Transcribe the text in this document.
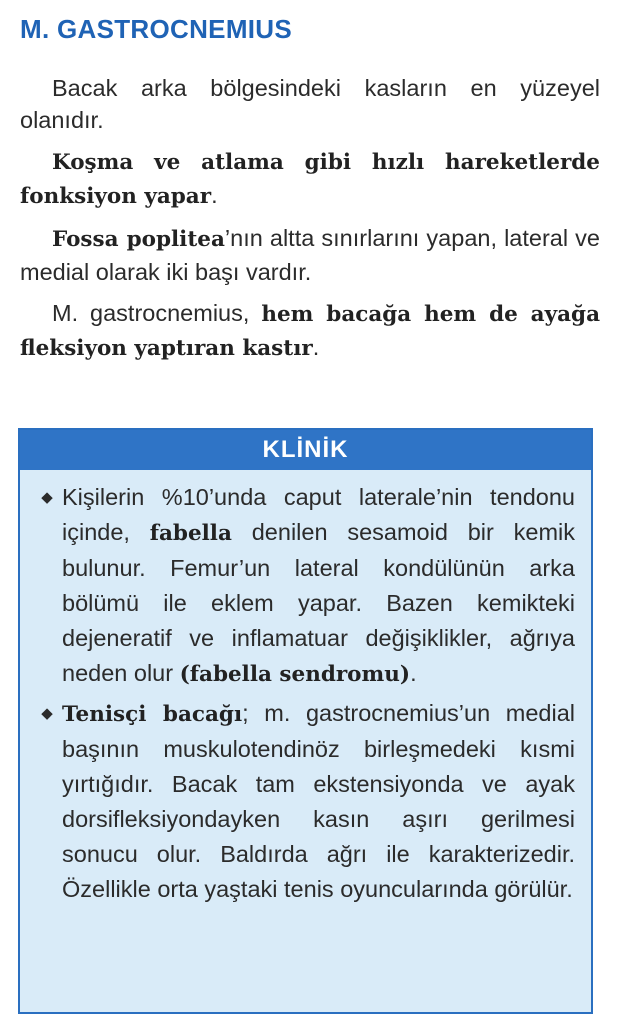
M. GASTROCNEMIUS

Bacak arka bölgesindeki kasların en yüzeyel olanıdır.

Koşma ve atlama gibi hızlı hareketlerde fonksiyon yapar.

Fossa poplitea’nın altta sınırlarını yapan, lateral ve medial olarak iki başı vardır.

M. gastrocnemius, hem bacağa hem de ayağa fleksiyon yaptıran kastır.

KLİNİK
◆ Kişilerin %10’unda caput laterale’nin tendonu içinde, fabella denilen sesamoid bir kemik bulunur. Femur’un lateral kondülünün arka bölümü ile eklem yapar. Bazen kemikteki dejeneratif ve inflamatuar değişiklikler, ağrıya neden olur (fabella sendromu).
◆ Tenisçi bacağı; m. gastrocnemius’un medial başının muskulotendinöz birleşmedeki kısmi yırtığıdır. Bacak tam ekstensiyonda ve ayak dorsifleksiyondayken kasın aşırı gerilmesi sonucu olur. Baldırda ağrı ile karakterizedir. Özellikle orta yaştaki tenis oyuncularında görülür.
